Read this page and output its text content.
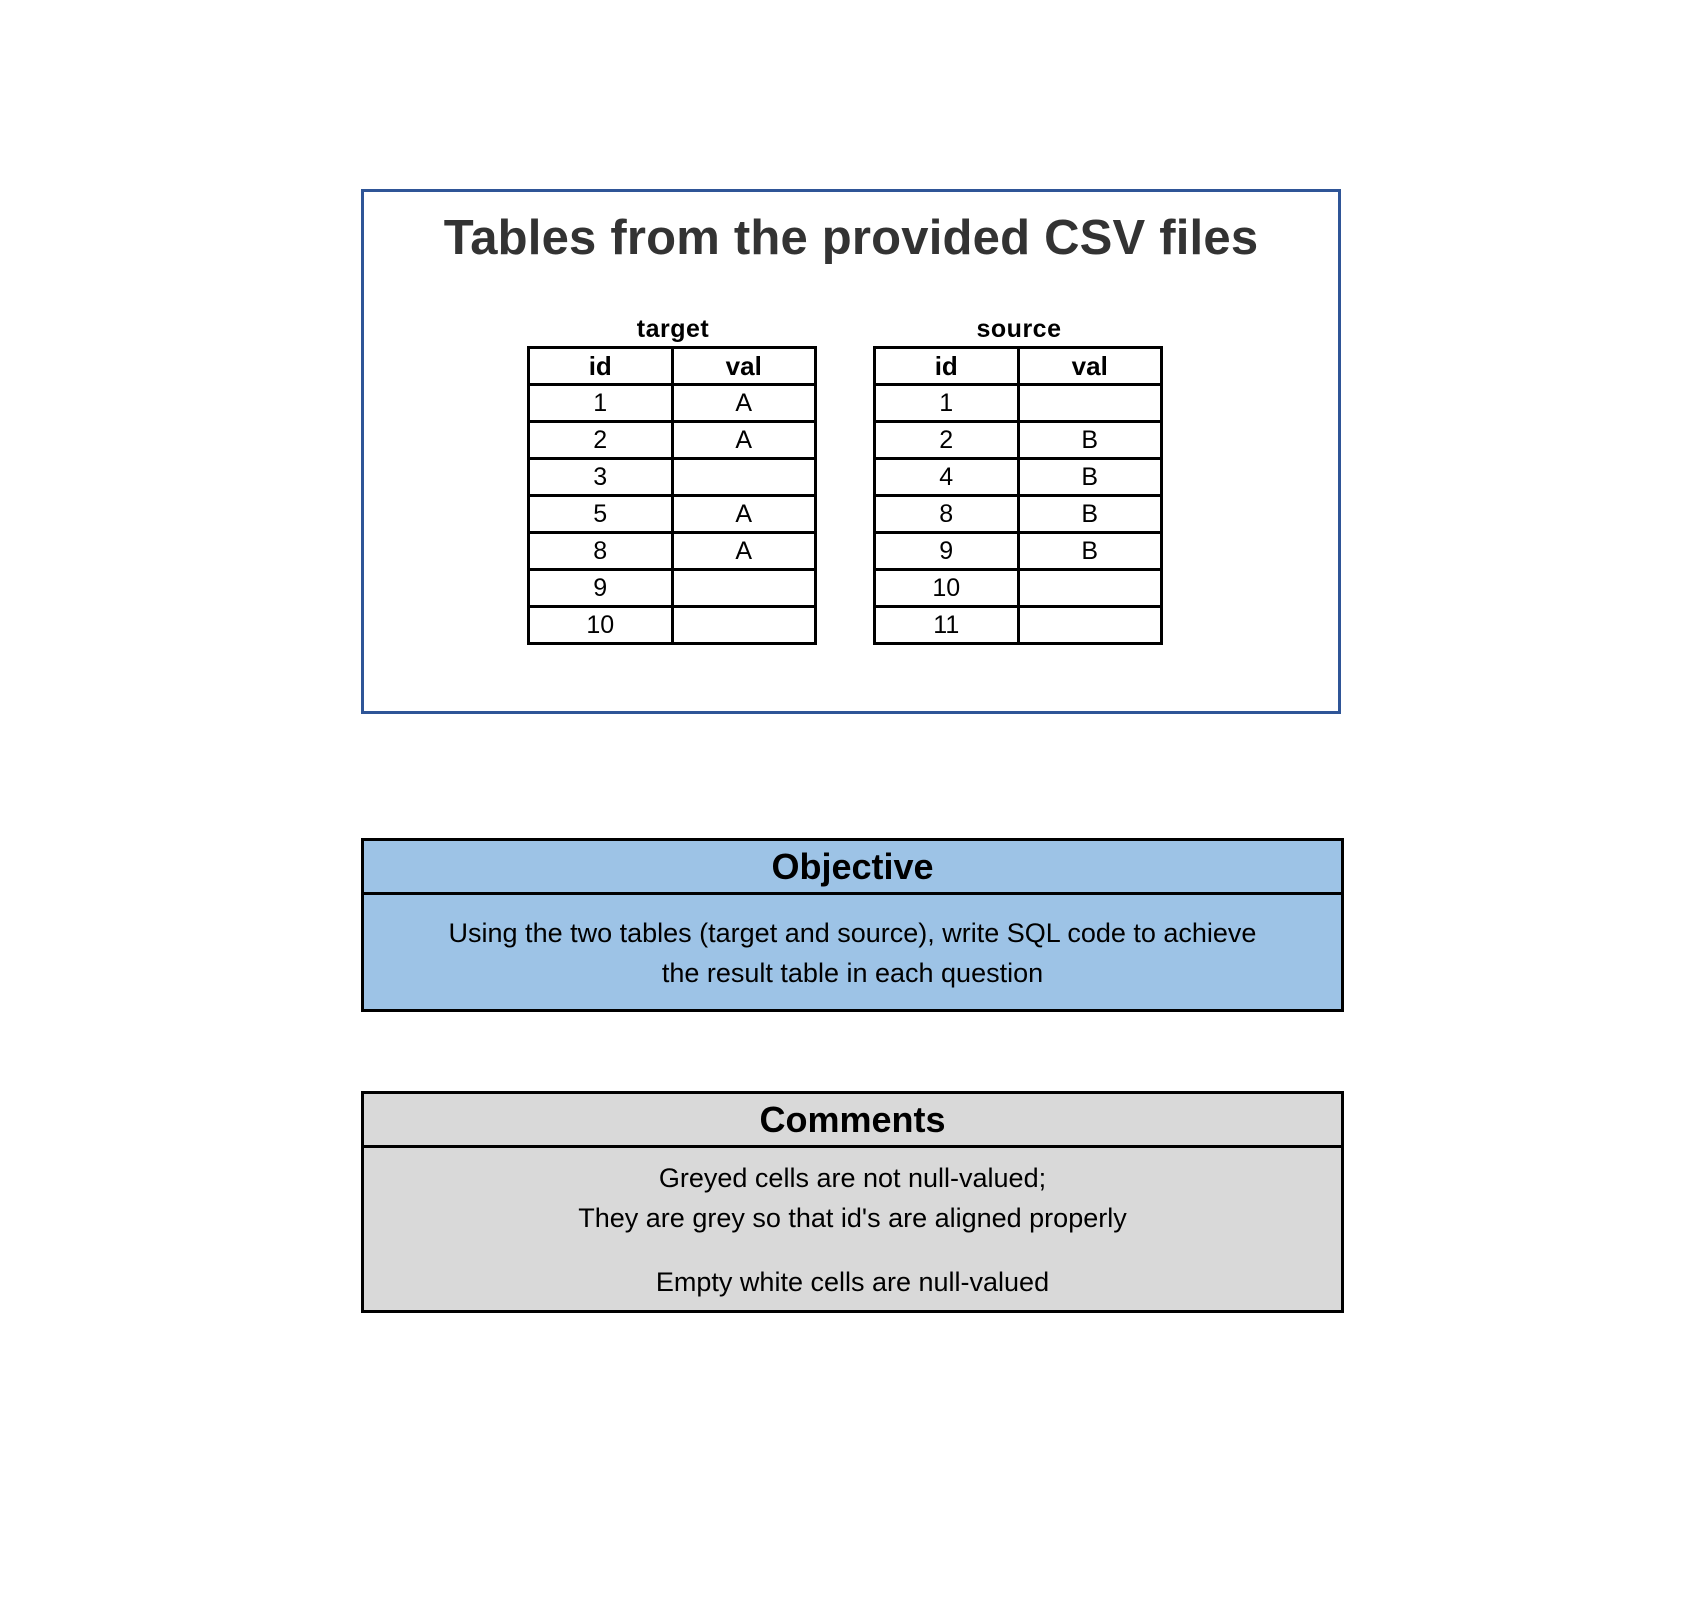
Tables from the provided CSV files
target
id	val
1	A
2	A
3	
5	A
8	A
9	
10	
source
id	val
1	
2	B
4	B
8	B
9	B
10	
11	
Objective
Using the two tables (target and source), write SQL code to achieve
the result table in each question
Comments
Greyed cells are not null-valued;
They are grey so that id's are aligned properly
Empty white cells are null-valued
